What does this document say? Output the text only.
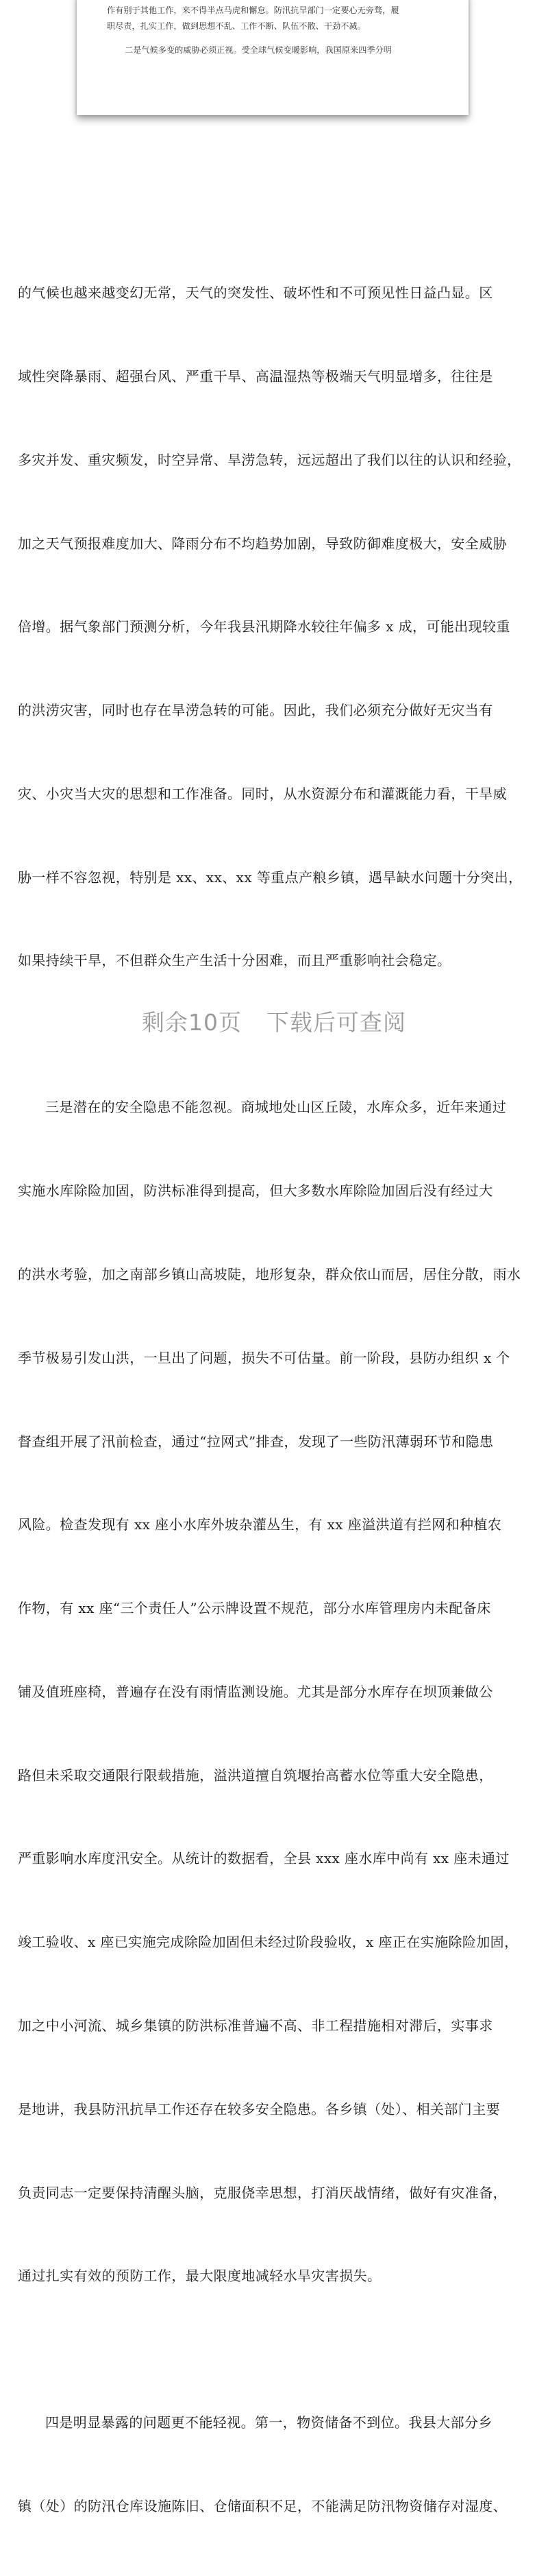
作有别于其他工作，来不得半点马虎和懈怠。防汛抗旱部门一定要心无旁骛，履

职尽责，扎实工作，做到思想不乱、工作不断、队伍不散、干劲不减。

二是气候多变的威胁必须正视。受全球气候变暖影响，我国原来四季分明

的气候也越来越变幻无常，天气的突发性、破坏性和不可预见性日益凸显。区

域性突降暴雨、超强台风、严重干旱、高温湿热等极端天气明显增多，往往是

多灾并发、重灾频发，时空异常、旱涝急转，远远超出了我们以往的认识和经验，

加之天气预报难度加大、降雨分布不均趋势加剧，导致防御难度极大，安全威胁

倍增。据气象部门预测分析，今年我县汛期降水较往年偏多 x 成，可能出现较重

的洪涝灾害，同时也存在旱涝急转的可能。因此，我们必须充分做好无灾当有

灾、小灾当大灾的思想和工作准备。同时，从水资源分布和灌溉能力看，干旱威

胁一样不容忽视，特别是 xx、xx、xx 等重点产粮乡镇，遇旱缺水问题十分突出，

如果持续干旱，不但群众生产生活十分困难，而且严重影响社会稳定。

三是潜在的安全隐患不能忽视。商城地处山区丘陵，水库众多，近年来通过

实施水库除险加固，防洪标准得到提高，但大多数水库除险加固后没有经过大

的洪水考验，加之南部乡镇山高坡陡，地形复杂，群众依山而居，居住分散，雨水

季节极易引发山洪，一旦出了问题，损失不可估量。前一阶段，县防办组织 x 个

督查组开展了汛前检查，通过“拉网式”排查，发现了一些防汛薄弱环节和隐患

风险。检查发现有 xx 座小水库外坡杂灌丛生，有 xx 座溢洪道有拦网和种植农

作物，有 xx 座“三个责任人”公示牌设置不规范，部分水库管理房内未配备床

铺及值班座椅，普遍存在没有雨情监测设施。尤其是部分水库存在坝顶兼做公

路但未采取交通限行限载措施，溢洪道擅自筑堰抬高蓄水位等重大安全隐患，

严重影响水库度汛安全。从统计的数据看，全县 xxx 座水库中尚有 xx 座未通过

竣工验收、x 座已实施完成除险加固但未经过阶段验收，x 座正在实施除险加固，

加之中小河流、城乡集镇的防洪标准普遍不高、非工程措施相对滞后，实事求

是地讲，我县防汛抗旱工作还存在较多安全隐患。各乡镇（处）、相关部门主要

负责同志一定要保持清醒头脑，克服侥幸思想，打消厌战情绪，做好有灾准备，

通过扎实有效的预防工作，最大限度地减轻水旱灾害损失。

四是明显暴露的问题更不能轻视。第一，物资储备不到位。我县大部分乡

镇（处）的防汛仓库设施陈旧、仓储面积不足，不能满足防汛物资储存对湿度、

剩余10页 下载后可查阅
